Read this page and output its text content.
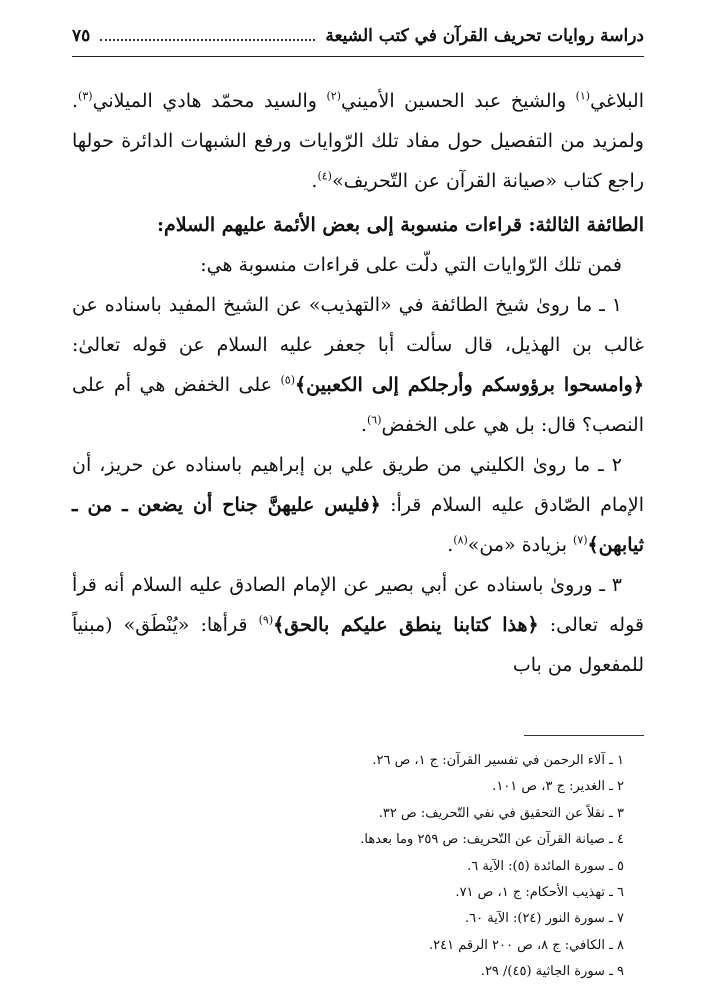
دراسة روايات تحريف القرآن في كتب الشيعة
٧٥

البلاغي$^{(١)}$ والشيخ عبد الحسين الأميني$^{(٢)}$ والسيد محمّد هادي الميلاني$^{(٣)}$. ولمزيد من التفصيل حول مفاد تلك الرّوايات ورفع الشبهات الدائرة حولها راجع كتاب «صيانة القرآن عن التّحريف»$^{(٤)}$.

الطائفة الثالثة: قراءات منسوبة إلى بعض الأئمة عليهم السلام:

فمن تلك الرّوايات التي دلّت على قراءات منسوبة هي:

١ ـ ما روىٰ شيخ الطائفة في «التهذيب» عن الشيخ المفيد باسناده عن غالب بن الهذيل، قال سألت أبا جعفر عليه السلام عن قوله تعالىٰ: ﴿وامسحوا برؤوسكم وأرجلكم إلى الكعبين﴾$^{(٥)}$ على الخفض هي أم على النصب؟ قال: بل هي على الخفض$^{(٦)}$.

٢ ـ ما روىٰ الكليني من طريق علي بن إبراهيم باسناده عن حريز، أن الإمام الصّادق عليه السلام قرأ: ﴿فليس عليهنَّ جناح أن يضعن ـ من ـ ثيابهن﴾$^{(٧)}$ بزيادة «من»$^{(٨)}$.

٣ ـ وروىٰ باسناده عن أبي بصير عن الإمام الصادق عليه السلام أنه قرأ قوله تعالى: ﴿هذا كتابنا ينطق عليكم بالحق﴾$^{(٩)}$ قرأها: «يُنْطَق» (مبنياً للمفعول من باب

١ ـ آلاء الرحمن في تفسير القرآن: ج ١، ص ٢٦.
٢ ـ الغدير: ج ٣، ص ١٠١.
٣ ـ نقلاً عن التحقيق في نفي التّحريف: ص ٣٢.
٤ ـ صيانة القرآن عن التّحريف: ص ٢٥٩ وما بعدها.
٥ ـ سورة المائدة (٥): الآية ٦.
٦ ـ تهذيب الأحكام: ج ١، ص ٧١.
٧ ـ سورة النور (٢٤): الآية ٦٠.
٨ ـ الكافي: ج ٨، ص ٢٠٠ الرقم ٢٤١.
٩ ـ سورة الجاثية (٤٥)/ ٢٩.
